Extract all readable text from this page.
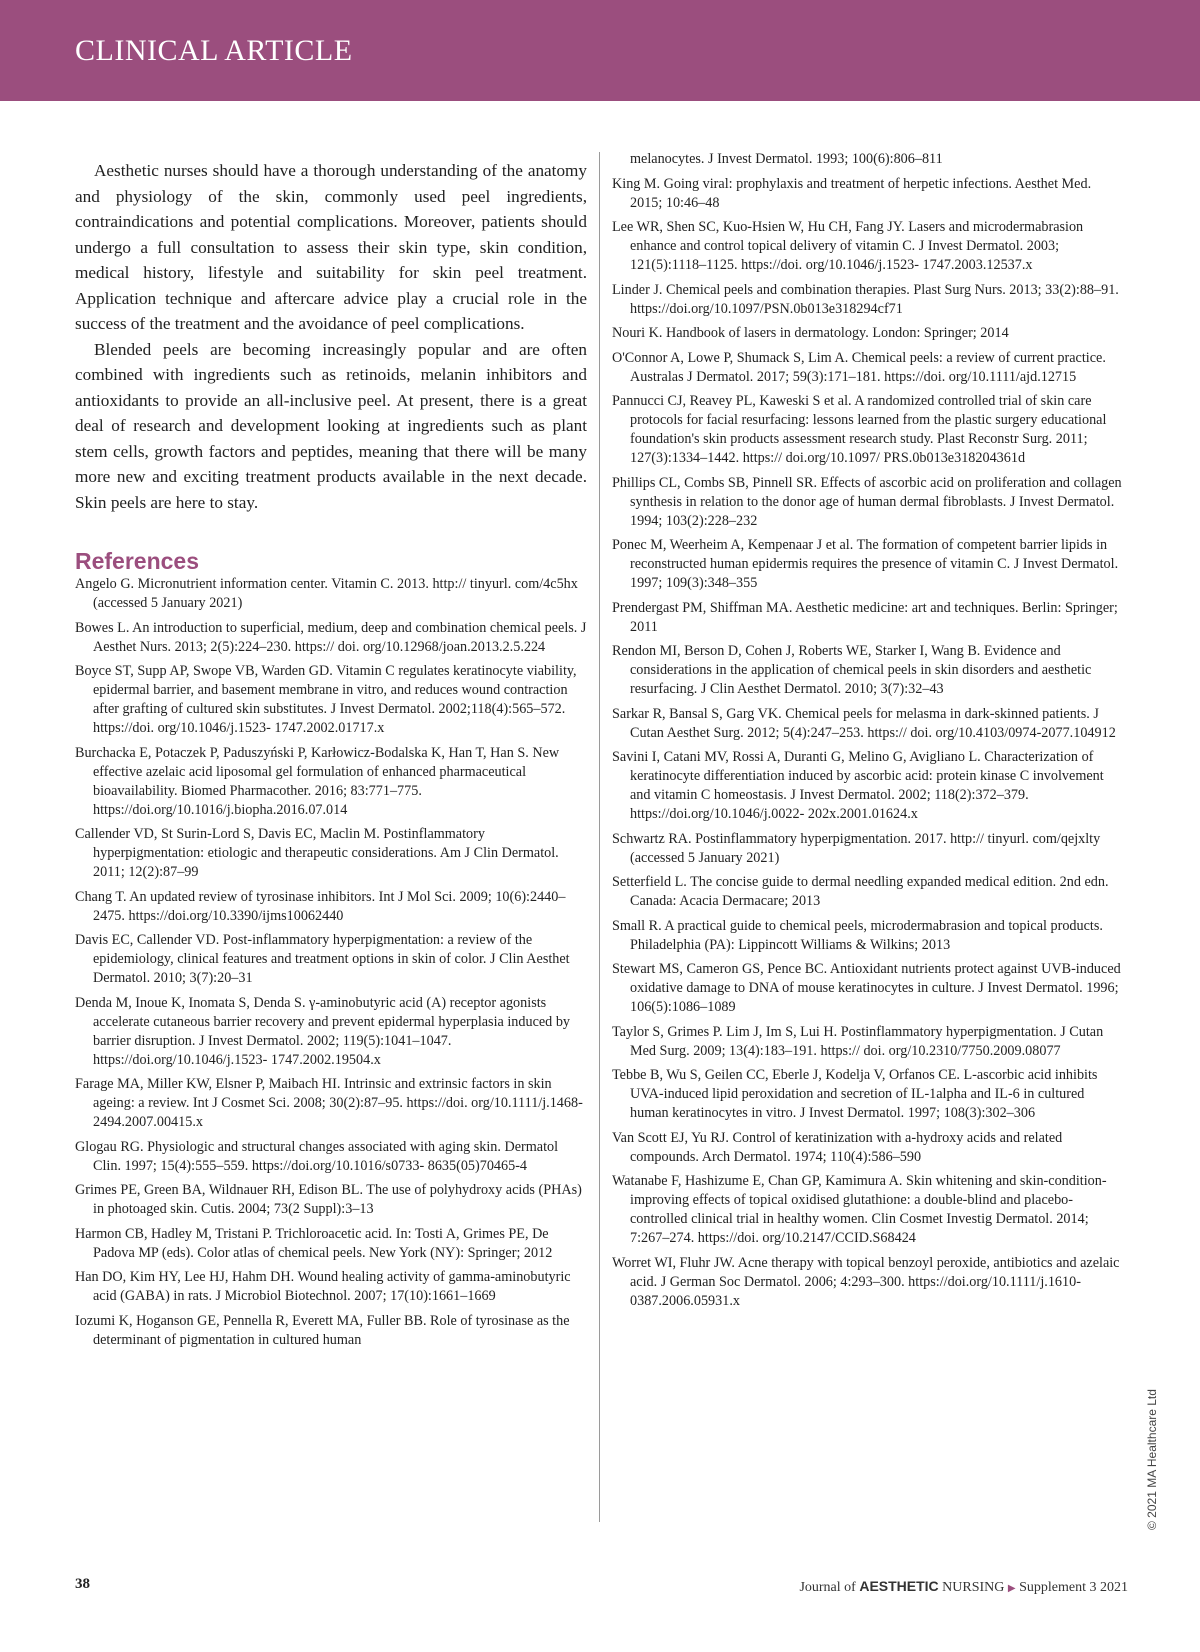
CLINICAL ARTICLE

Aesthetic nurses should have a thorough understanding of the anatomy and physiology of the skin, commonly used peel ingredients, contraindications and potential complications. Moreover, patients should undergo a full consultation to assess their skin type, skin condition, medical history, lifestyle and suitability for skin peel treatment. Application technique and aftercare advice play a crucial role in the success of the treatment and the avoidance of peel complications.

Blended peels are becoming increasingly popular and are often combined with ingredients such as retinoids, melanin inhibitors and antioxidants to provide an all-inclusive peel. At present, there is a great deal of research and development looking at ingredients such as plant stem cells, growth factors and peptides, meaning that there will be many more new and exciting treatment products available in the next decade. Skin peels are here to stay.

References

Angelo G. Micronutrient information center. Vitamin C. 2013. http:// tinyurl. com/4c5hx (accessed 5 January 2021)

Bowes L. An introduction to superficial, medium, deep and combination chemical peels. J Aesthet Nurs. 2013; 2(5):224–230. https:// doi. org/10.12968/joan.2013.2.5.224

Boyce ST, Supp AP, Swope VB, Warden GD. Vitamin C regulates keratinocyte viability, epidermal barrier, and basement membrane in vitro, and reduces wound contraction after grafting of cultured skin substitutes. J Invest Dermatol. 2002;118(4):565–572. https://doi. org/10.1046/j.1523- 1747.2002.01717.x

Burchacka E, Potaczek P, Paduszyński P, Karłowicz-Bodalska K, Han T, Han S. New effective azelaic acid liposomal gel formulation of enhanced pharmaceutical bioavailability. Biomed Pharmacother. 2016; 83:771–775. https://doi.org/10.1016/j.biopha.2016.07.014

Callender VD, St Surin-Lord S, Davis EC, Maclin M. Postinflammatory hyperpigmentation: etiologic and therapeutic considerations. Am J Clin Dermatol. 2011; 12(2):87–99

Chang T. An updated review of tyrosinase inhibitors. Int J Mol Sci. 2009; 10(6):2440–2475. https://doi.org/10.3390/ijms10062440

Davis EC, Callender VD. Post-inflammatory hyperpigmentation: a review of the epidemiology, clinical features and treatment options in skin of color. J Clin Aesthet Dermatol. 2010; 3(7):20–31

Denda M, Inoue K, Inomata S, Denda S. γ-aminobutyric acid (A) receptor agonists accelerate cutaneous barrier recovery and prevent epidermal hyperplasia induced by barrier disruption. J Invest Dermatol. 2002; 119(5):1041–1047. https://doi.org/10.1046/j.1523- 1747.2002.19504.x

Farage MA, Miller KW, Elsner P, Maibach HI. Intrinsic and extrinsic factors in skin ageing: a review. Int J Cosmet Sci. 2008; 30(2):87–95. https://doi. org/10.1111/j.1468-2494.2007.00415.x

Glogau RG. Physiologic and structural changes associated with aging skin. Dermatol Clin. 1997; 15(4):555–559. https://doi.org/10.1016/s0733- 8635(05)70465-4

Grimes PE, Green BA, Wildnauer RH, Edison BL. The use of polyhydroxy acids (PHAs) in photoaged skin. Cutis. 2004; 73(2 Suppl):3–13

Harmon CB, Hadley M, Tristani P. Trichloroacetic acid. In: Tosti A, Grimes PE, De Padova MP (eds). Color atlas of chemical peels. New York (NY): Springer; 2012

Han DO, Kim HY, Lee HJ, Hahm DH. Wound healing activity of gamma-aminobutyric acid (GABA) in rats. J Microbiol Biotechnol. 2007; 17(10):1661–1669

Iozumi K, Hoganson GE, Pennella R, Everett MA, Fuller BB. Role of tyrosinase as the determinant of pigmentation in cultured human

melanocytes. J Invest Dermatol. 1993; 100(6):806–811

King M. Going viral: prophylaxis and treatment of herpetic infections. Aesthet Med. 2015; 10:46–48

Lee WR, Shen SC, Kuo-Hsien W, Hu CH, Fang JY. Lasers and microdermabrasion enhance and control topical delivery of vitamin C. J Invest Dermatol. 2003; 121(5):1118–1125. https://doi. org/10.1046/j.1523- 1747.2003.12537.x

Linder J. Chemical peels and combination therapies. Plast Surg Nurs. 2013; 33(2):88–91. https://doi.org/10.1097/PSN.0b013e318294cf71

Nouri K. Handbook of lasers in dermatology. London: Springer; 2014

O'Connor A, Lowe P, Shumack S, Lim A. Chemical peels: a review of current practice. Australas J Dermatol. 2017; 59(3):171–181. https://doi. org/10.1111/ajd.12715

Pannucci CJ, Reavey PL, Kaweski S et al. A randomized controlled trial of skin care protocols for facial resurfacing: lessons learned from the plastic surgery educational foundation's skin products assessment research study. Plast Reconstr Surg. 2011; 127(3):1334–1442. https:// doi.org/10.1097/ PRS.0b013e318204361d

Phillips CL, Combs SB, Pinnell SR. Effects of ascorbic acid on proliferation and collagen synthesis in relation to the donor age of human dermal fibroblasts. J Invest Dermatol. 1994; 103(2):228–232

Ponec M, Weerheim A, Kempenaar J et al. The formation of competent barrier lipids in reconstructed human epidermis requires the presence of vitamin C. J Invest Dermatol. 1997; 109(3):348–355

Prendergast PM, Shiffman MA. Aesthetic medicine: art and techniques. Berlin: Springer; 2011

Rendon MI, Berson D, Cohen J, Roberts WE, Starker I, Wang B. Evidence and considerations in the application of chemical peels in skin disorders and aesthetic resurfacing. J Clin Aesthet Dermatol. 2010; 3(7):32–43

Sarkar R, Bansal S, Garg VK. Chemical peels for melasma in dark-skinned patients. J Cutan Aesthet Surg. 2012; 5(4):247–253. https:// doi. org/10.4103/0974-2077.104912

Savini I, Catani MV, Rossi A, Duranti G, Melino G, Avigliano L. Characterization of keratinocyte differentiation induced by ascorbic acid: protein kinase C involvement and vitamin C homeostasis. J Invest Dermatol. 2002; 118(2):372–379. https://doi.org/10.1046/j.0022- 202x.2001.01624.x

Schwartz RA. Postinflammatory hyperpigmentation. 2017. http:// tinyurl. com/qejxlty (accessed 5 January 2021)

Setterfield L. The concise guide to dermal needling expanded medical edition. 2nd edn. Canada: Acacia Dermacare; 2013

Small R. A practical guide to chemical peels, microdermabrasion and topical products. Philadelphia (PA): Lippincott Williams & Wilkins; 2013

Stewart MS, Cameron GS, Pence BC. Antioxidant nutrients protect against UVB-induced oxidative damage to DNA of mouse keratinocytes in culture. J Invest Dermatol. 1996; 106(5):1086–1089

Taylor S, Grimes P. Lim J, Im S, Lui H. Postinflammatory hyperpigmentation. J Cutan Med Surg. 2009; 13(4):183–191. https:// doi. org/10.2310/7750.2009.08077

Tebbe B, Wu S, Geilen CC, Eberle J, Kodelja V, Orfanos CE. L-ascorbic acid inhibits UVA-induced lipid peroxidation and secretion of IL-1alpha and IL-6 in cultured human keratinocytes in vitro. J Invest Dermatol. 1997; 108(3):302–306

Van Scott EJ, Yu RJ. Control of keratinization with a-hydroxy acids and related compounds. Arch Dermatol. 1974; 110(4):586–590

Watanabe F, Hashizume E, Chan GP, Kamimura A. Skin whitening and skin-condition-improving effects of topical oxidised glutathione: a double-blind and placebo-controlled clinical trial in healthy women. Clin Cosmet Investig Dermatol. 2014; 7:267–274. https://doi. org/10.2147/CCID.S68424

Worret WI, Fluhr JW. Acne therapy with topical benzoyl peroxide, antibiotics and azelaic acid. J German Soc Dermatol. 2006; 4:293–300. https://doi.org/10.1111/j.1610-0387.2006.05931.x

© 2021 MA Healthcare Ltd
38	Journal of AESTHETIC NURSING ▶ Supplement 3 2021
